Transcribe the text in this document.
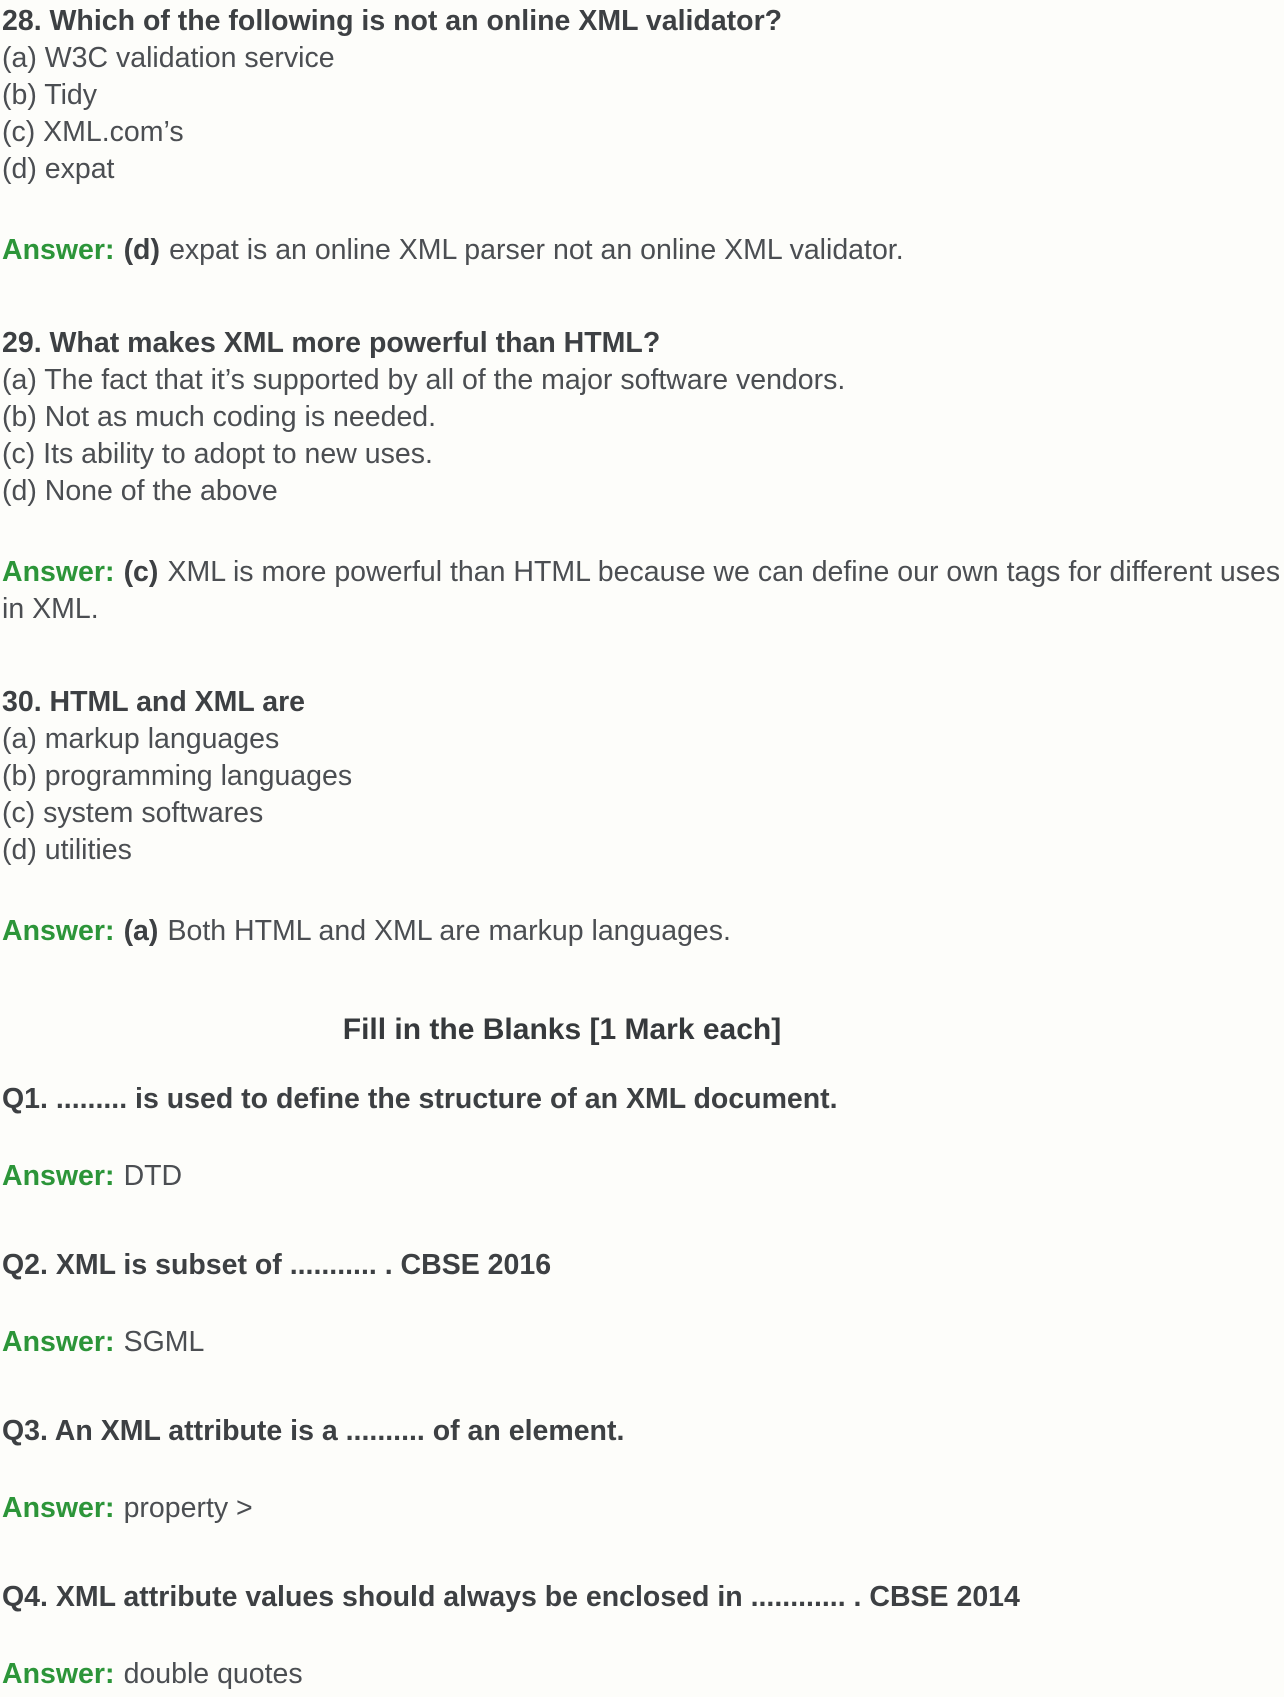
28. Which of the following is not an online XML validator?
(a) W3C validation service
(b) Tidy
(c) XML.com’s
(d) expat
Answer: (d) expat is an online XML parser not an online XML validator.
29. What makes XML more powerful than HTML?
(a) The fact that it’s supported by all of the major software vendors.
(b) Not as much coding is needed.
(c) Its ability to adopt to new uses.
(d) None of the above
Answer: (c) XML is more powerful than HTML because we can define our own tags for different uses in XML.
30. HTML and XML are
(a) markup languages
(b) programming languages
(c) system softwares
(d) utilities
Answer: (a) Both HTML and XML are markup languages.
Fill in the Blanks [1 Mark each]
Q1. ......... is used to define the structure of an XML document.
Answer: DTD
Q2. XML is subset of ........... . CBSE 2016
Answer: SGML
Q3. An XML attribute is a .......... of an element.
Answer: property >
Q4. XML attribute values should always be enclosed in ............ . CBSE 2014
Answer: double quotes
